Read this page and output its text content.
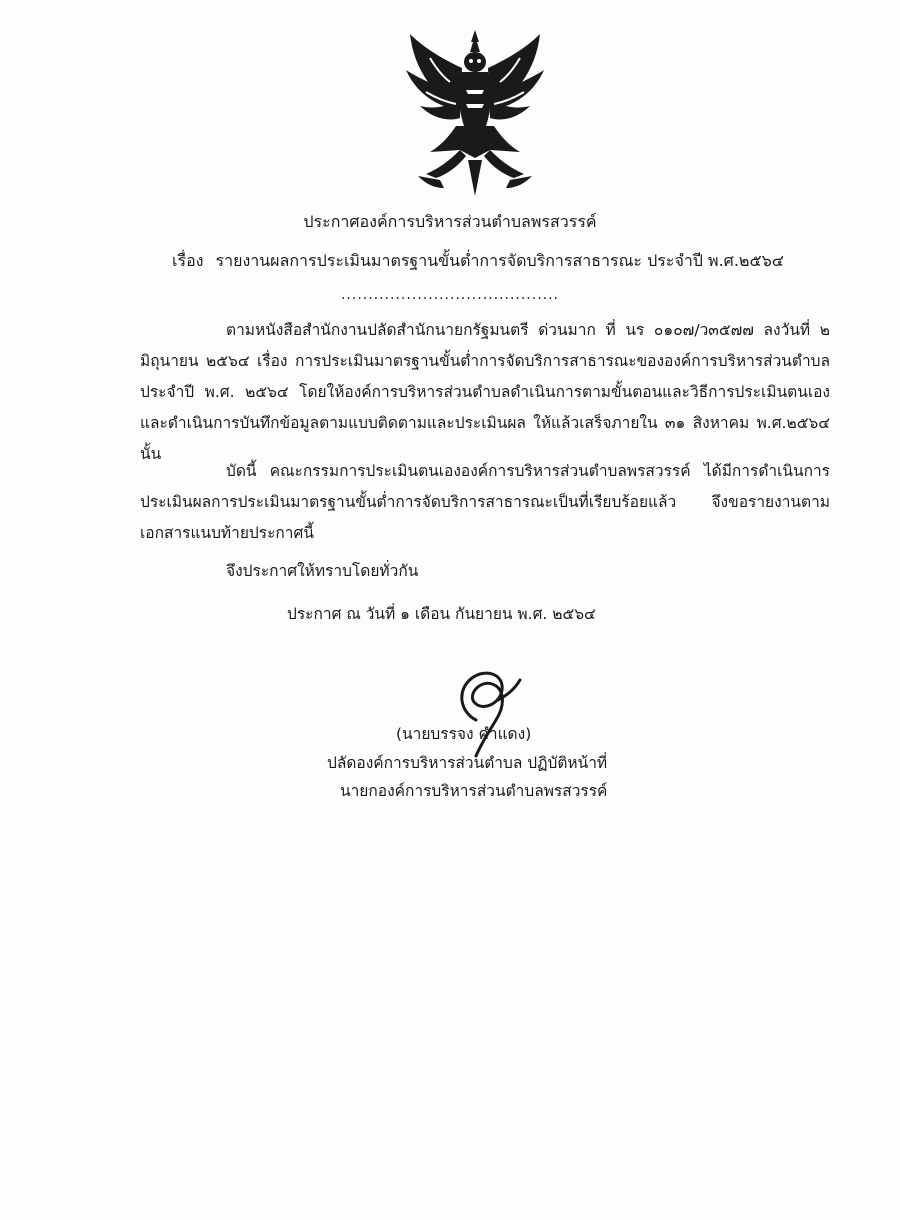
ประกาศองค์การบริหารส่วนตำบลพรสวรรค์
เรื่อง รายงานผลการประเมินมาตรฐานขั้นต่ำการจัดบริการสาธารณะ ประจำปี พ.ศ.๒๕๖๔
........................................
ตามหนังสือสำนักงานปลัดสำนักนายกรัฐมนตรี ด่วนมาก ที่ นร ๐๑๐๗/ว๓๕๗๗ ลงวันที่ ๒ มิถุนายน ๒๕๖๔ เรื่อง การประเมินมาตรฐานขั้นต่ำการจัดบริการสาธารณะขององค์การบริหารส่วนตำบล ประจำปี พ.ศ. ๒๕๖๔ โดยให้องค์การบริหารส่วนตำบลดำเนินการตามขั้นตอนและวิธีการประเมินตนเองและดำเนินการบันทึกข้อมูลตามแบบติดตามและประเมินผล ให้แล้วเสร็จภายใน ๓๑ สิงหาคม พ.ศ.๒๕๖๔ นั้น
บัดนี้ คณะกรรมการประเมินตนเององค์การบริหารส่วนตำบลพรสวรรค์ ได้มีการดำเนินการประเมินผลการประเมินมาตรฐานขั้นต่ำการจัดบริการสาธารณะเป็นที่เรียบร้อยแล้ว จึงขอรายงานตามเอกสารแนบท้ายประกาศนี้
จึงประกาศให้ทราบโดยทั่วกัน
ประกาศ ณ วันที่ ๑ เดือน กันยายน พ.ศ. ๒๕๖๔
(นายบรรจง คำแดง)
ปลัดองค์การบริหารส่วนตำบล ปฏิบัติหน้าที่
นายกองค์การบริหารส่วนตำบลพรสวรรค์
